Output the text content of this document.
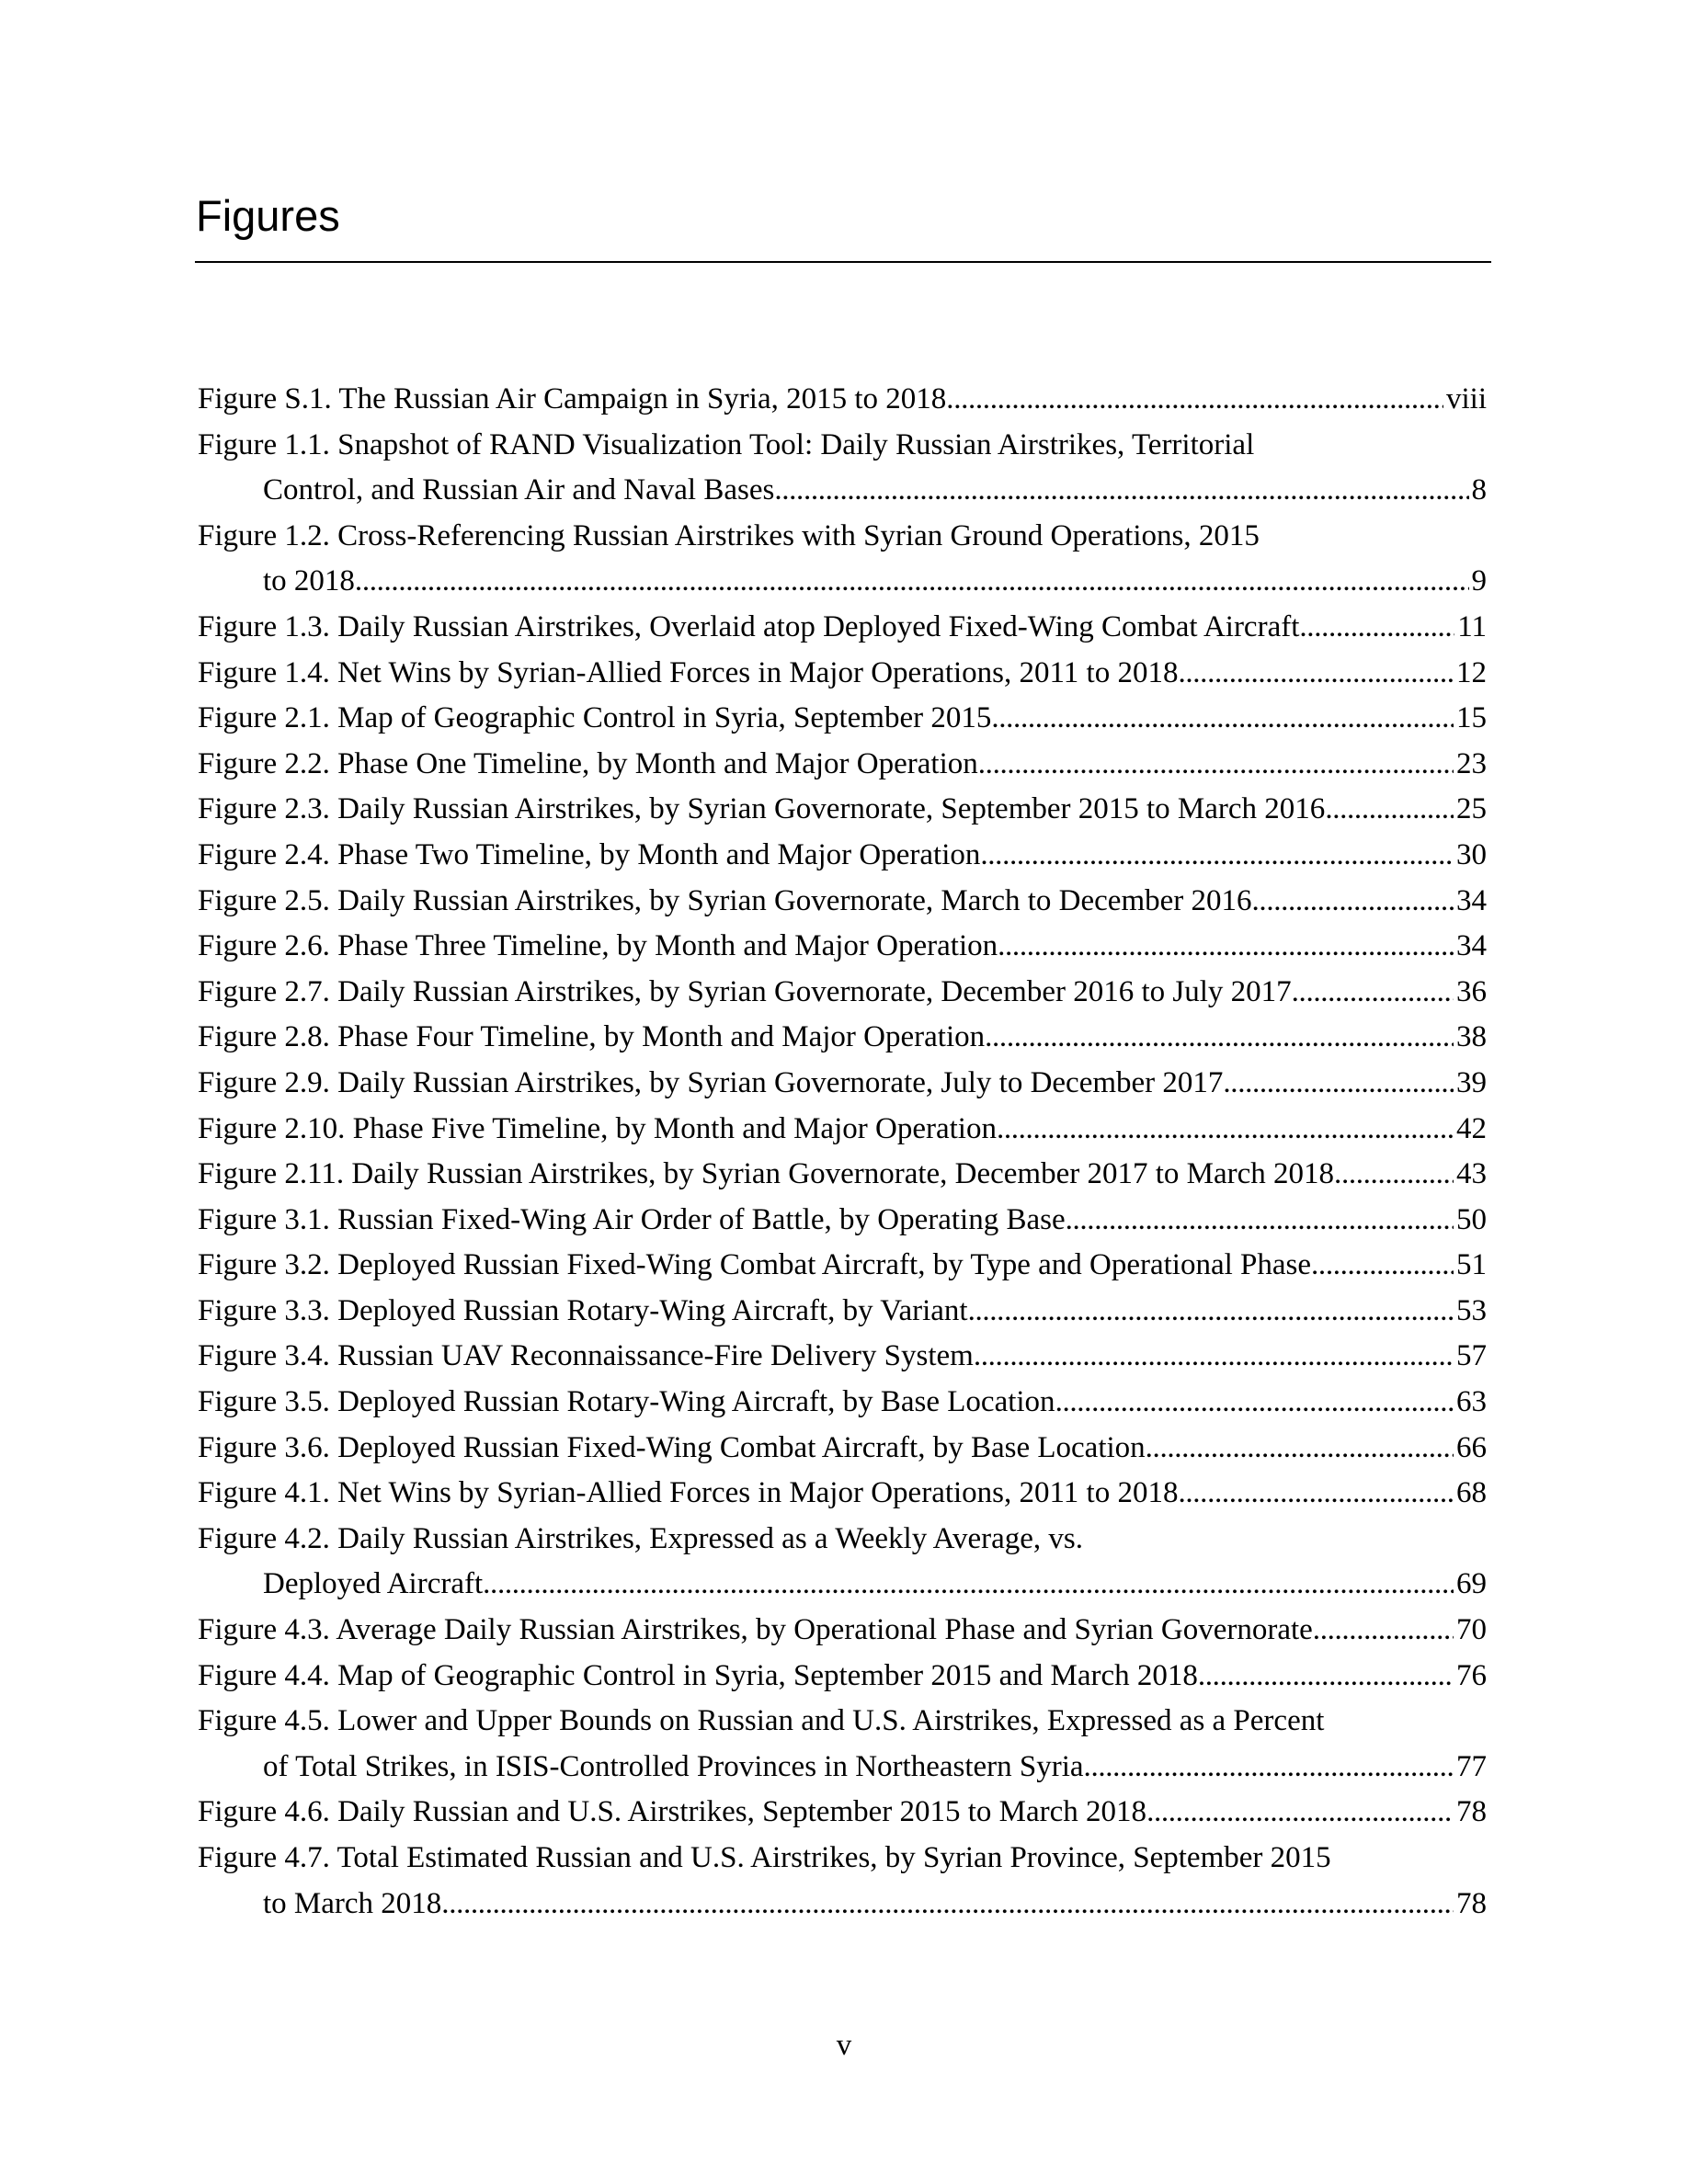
Figures
Figure S.1. The Russian Air Campaign in Syria, 2015 to 2018 . . .	viii
Figure 1.1. Snapshot of RAND Visualization Tool: Daily Russian Airstrikes, Territorial
Control, and Russian Air and Naval Bases . . .	8
Figure 1.2. Cross-Referencing Russian Airstrikes with Syrian Ground Operations, 2015
to 2018 . . .	9
Figure 1.3. Daily Russian Airstrikes, Overlaid atop Deployed Fixed-Wing Combat Aircraft . . .	11
Figure 1.4. Net Wins by Syrian-Allied Forces in Major Operations, 2011 to 2018 . . .	12
Figure 2.1. Map of Geographic Control in Syria, September 2015 . . .	15
Figure 2.2. Phase One Timeline, by Month and Major Operation . . .	23
Figure 2.3. Daily Russian Airstrikes, by Syrian Governorate, September 2015 to March 2016 . . .	25
Figure 2.4. Phase Two Timeline, by Month and Major Operation . . .	30
Figure 2.5. Daily Russian Airstrikes, by Syrian Governorate, March to December 2016 . . .	34
Figure 2.6. Phase Three Timeline, by Month and Major Operation . . .	34
Figure 2.7. Daily Russian Airstrikes, by Syrian Governorate, December 2016 to July 2017 . . .	36
Figure 2.8. Phase Four Timeline, by Month and Major Operation . . .	38
Figure 2.9. Daily Russian Airstrikes, by Syrian Governorate, July to December 2017 . . .	39
Figure 2.10. Phase Five Timeline, by Month and Major Operation . . .	42
Figure 2.11. Daily Russian Airstrikes, by Syrian Governorate, December 2017 to March 2018 . . .	43
Figure 3.1. Russian Fixed-Wing Air Order of Battle, by Operating Base . . .	50
Figure 3.2. Deployed Russian Fixed-Wing Combat Aircraft, by Type and Operational Phase . . .	51
Figure 3.3. Deployed Russian Rotary-Wing Aircraft, by Variant . . .	53
Figure 3.4. Russian UAV Reconnaissance-Fire Delivery System . . .	57
Figure 3.5. Deployed Russian Rotary-Wing Aircraft, by Base Location . . .	63
Figure 3.6. Deployed Russian Fixed-Wing Combat Aircraft, by Base Location . . .	66
Figure 4.1. Net Wins by Syrian-Allied Forces in Major Operations, 2011 to 2018 . . .	68
Figure 4.2. Daily Russian Airstrikes, Expressed as a Weekly Average, vs.
Deployed Aircraft . . .	69
Figure 4.3. Average Daily Russian Airstrikes, by Operational Phase and Syrian Governorate . . .	70
Figure 4.4. Map of Geographic Control in Syria, September 2015 and March 2018 . . .	76
Figure 4.5. Lower and Upper Bounds on Russian and U.S. Airstrikes, Expressed as a Percent
of Total Strikes, in ISIS-Controlled Provinces in Northeastern Syria . . .	77
Figure 4.6. Daily Russian and U.S. Airstrikes, September 2015 to March 2018 . . .	78
Figure 4.7. Total Estimated Russian and U.S. Airstrikes, by Syrian Province, September 2015
to March 2018 . . .	78
v
